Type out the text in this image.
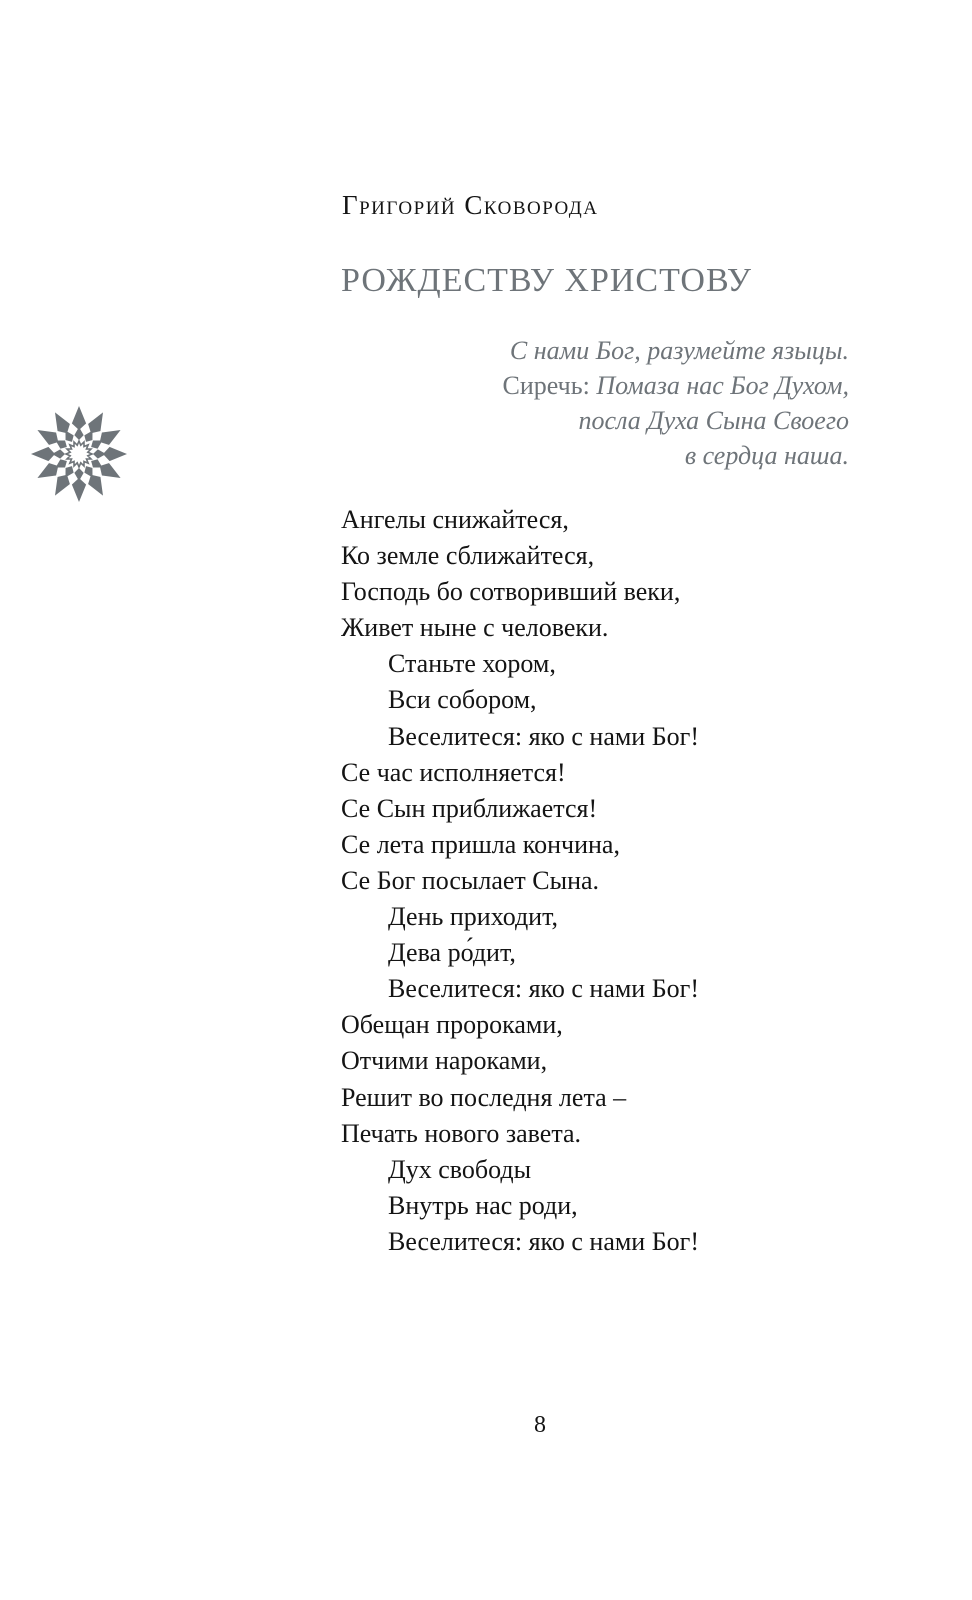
Григорий Сковорода
РОЖДЕСТВУ ХРИСТОВУ
С нами Бог, разумейте языцы.
Сиречь: Помаза нас Бог Духом,
посла Духа Сына Своего
в сердца наша.
Ангелы снижайтеся,
Ко земле сближайтеся,
Господь бо сотворивший веки,
Живет ныне с человеки.
Станьте хором,
Вси собором,
Веселитеся: яко с нами Бог!
Се час исполняется!
Се Сын приближается!
Се лета пришла кончина,
Се Бог посылает Сына.
День приходит,
Дева ро́дит,
Веселитеся: яко с нами Бог!
Обещан пророками,
Отчими нароками,
Решит во последня лета –
Печать нового завета.
Дух свободы
Внутрь нас роди,
Веселитеся: яко с нами Бог!
8
